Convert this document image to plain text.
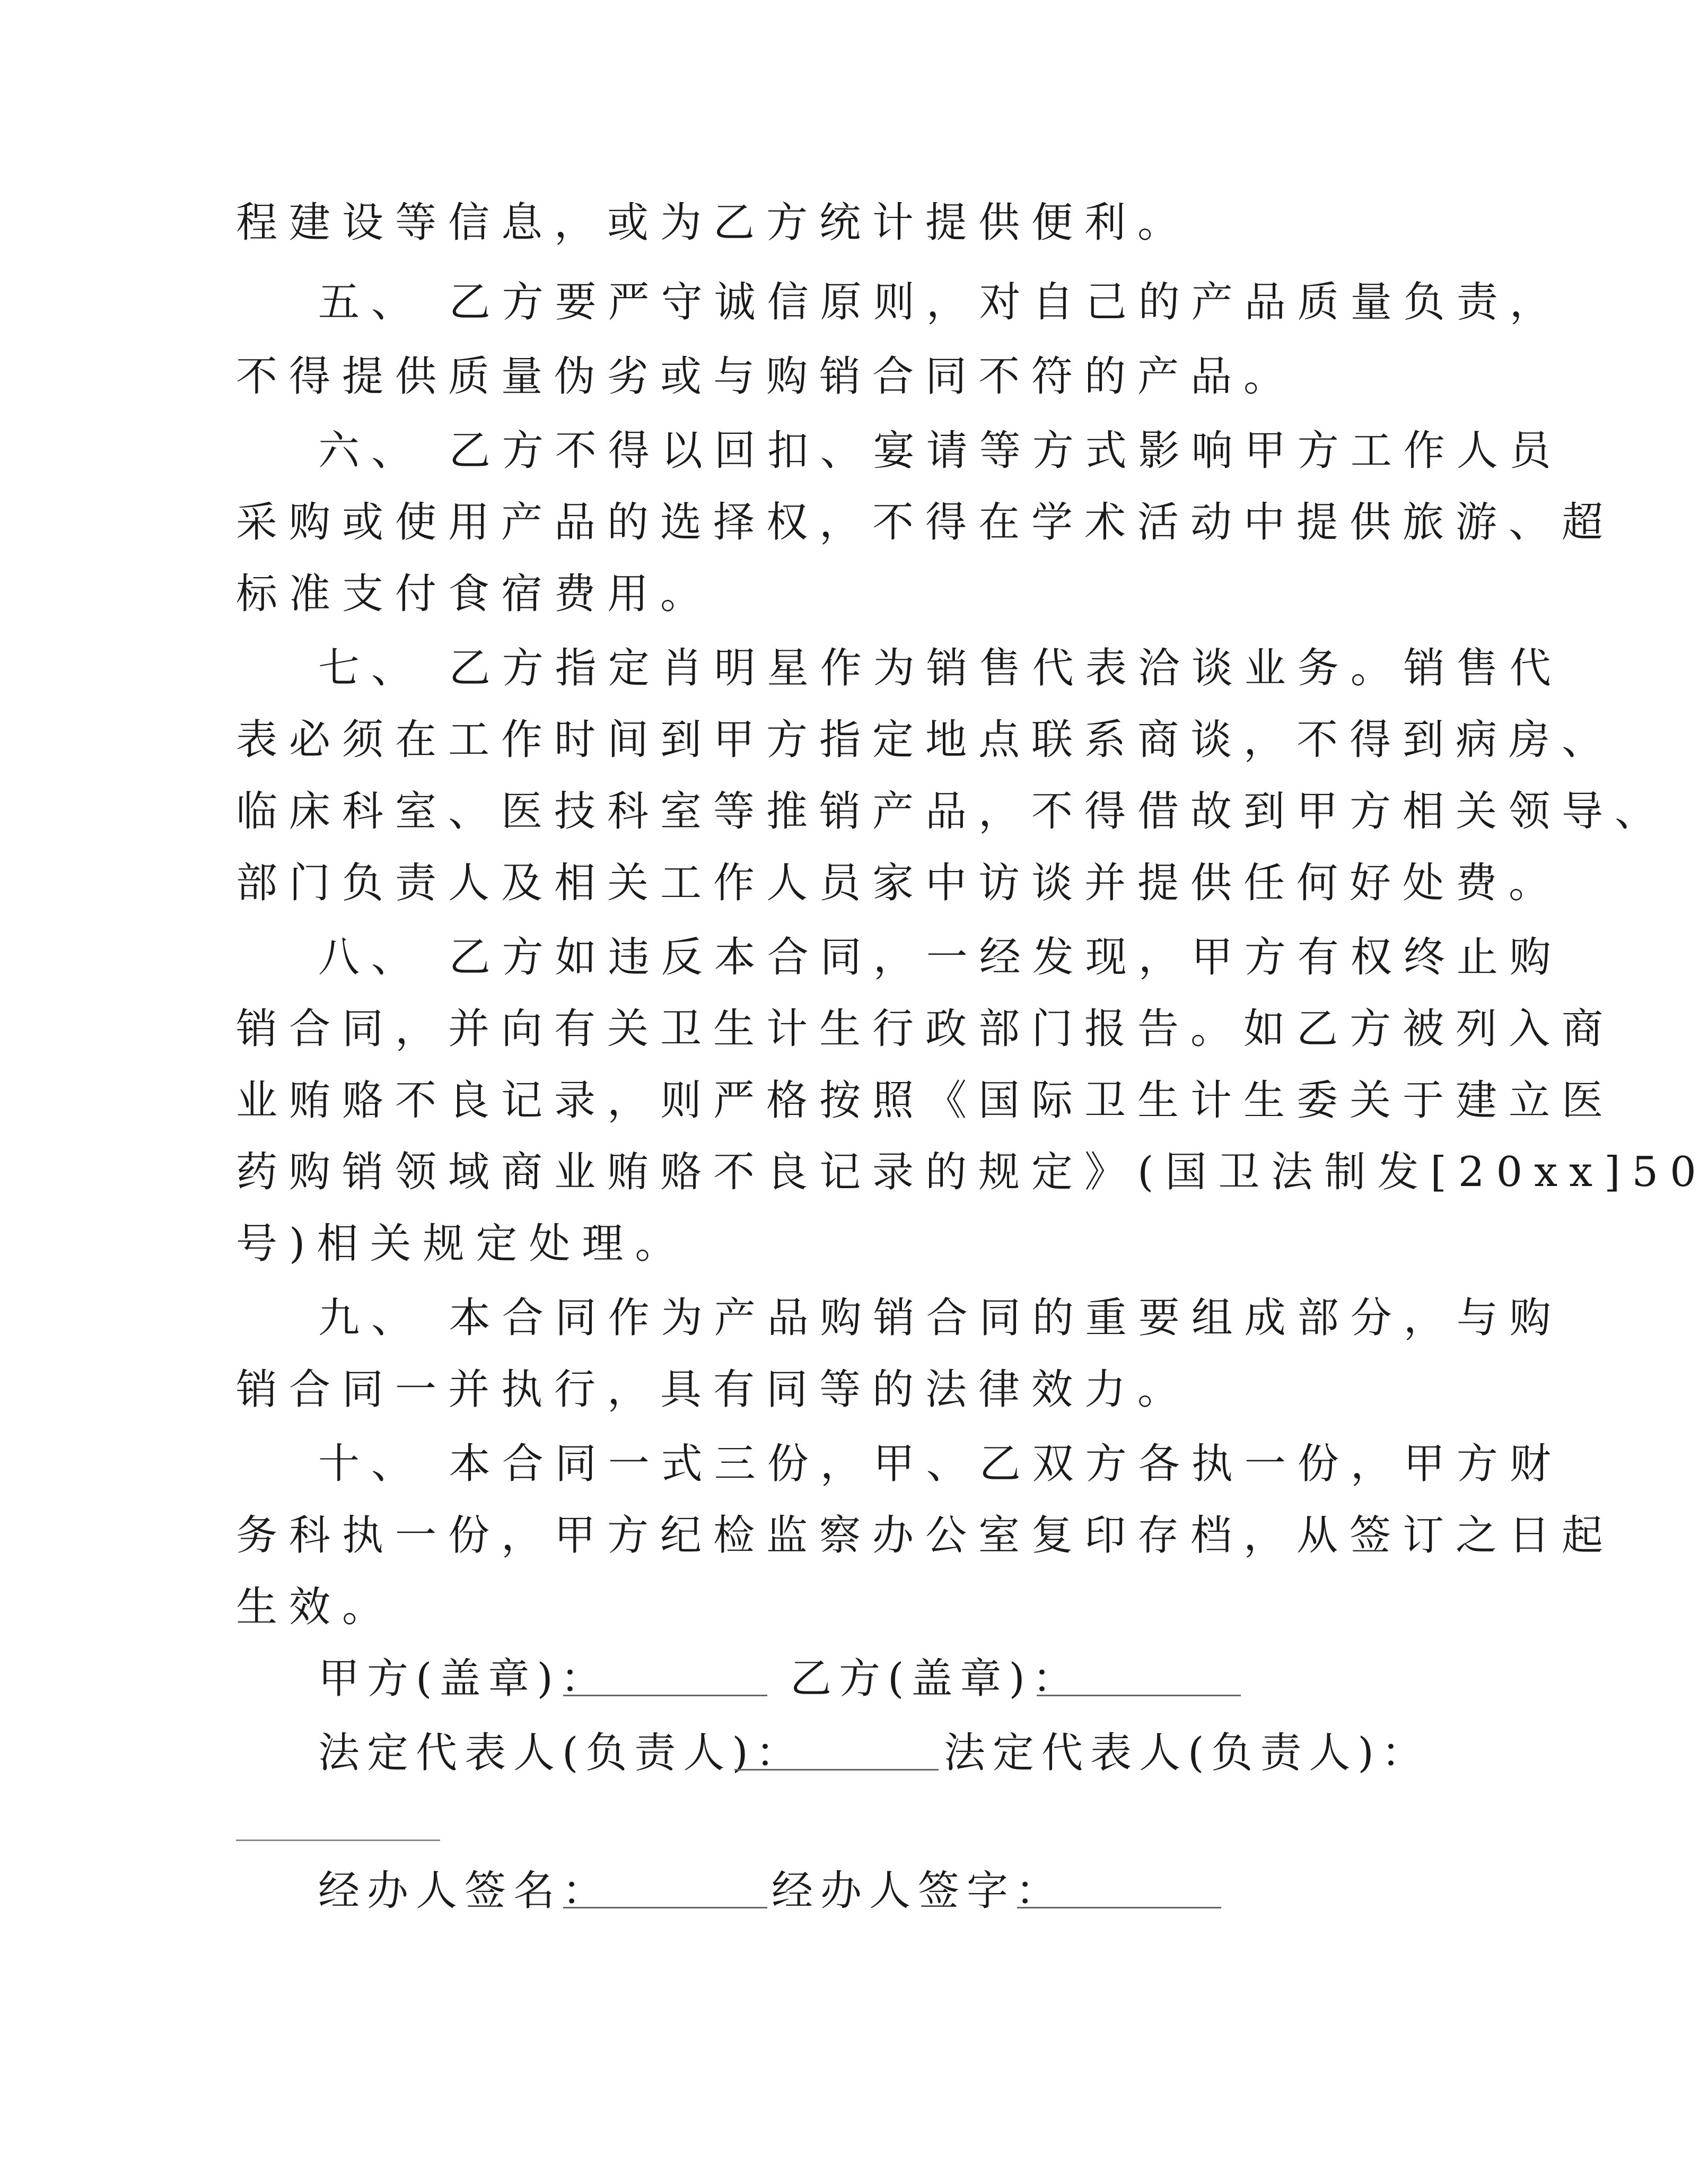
程建设等信息，或为乙方统计提供便利。
五、 乙方要严守诚信原则，对自己的产品质量负责，
不得提供质量伪劣或与购销合同不符的产品。
六、 乙方不得以回扣、宴请等方式影响甲方工作人员
采购或使用产品的选择权，不得在学术活动中提供旅游、超
标准支付食宿费用。
七、 乙方指定肖明星作为销售代表洽谈业务。销售代
表必须在工作时间到甲方指定地点联系商谈，不得到病房、
临床科室、医技科室等推销产品，不得借故到甲方相关领导、
部门负责人及相关工作人员家中访谈并提供任何好处费。
八、 乙方如违反本合同，一经发现，甲方有权终止购
销合同，并向有关卫生计生行政部门报告。如乙方被列入商
业贿赂不良记录，则严格按照《国际卫生计生委关于建立医
药购销领域商业贿赂不良记录的规定》(国卫法制发[20xx]50
号)相关规定处理。
九、 本合同作为产品购销合同的重要组成部分，与购
销合同一并执行，具有同等的法律效力。
十、 本合同一式三份，甲、乙双方各执一份，甲方财
务科执一份，甲方纪检监察办公室复印存档，从签订之日起
生效。
甲方(盖章)：	乙方(盖章)：
法定代表人(负责人)：	法定代表人(负责人)：
经办人签名：	经办人签字：
